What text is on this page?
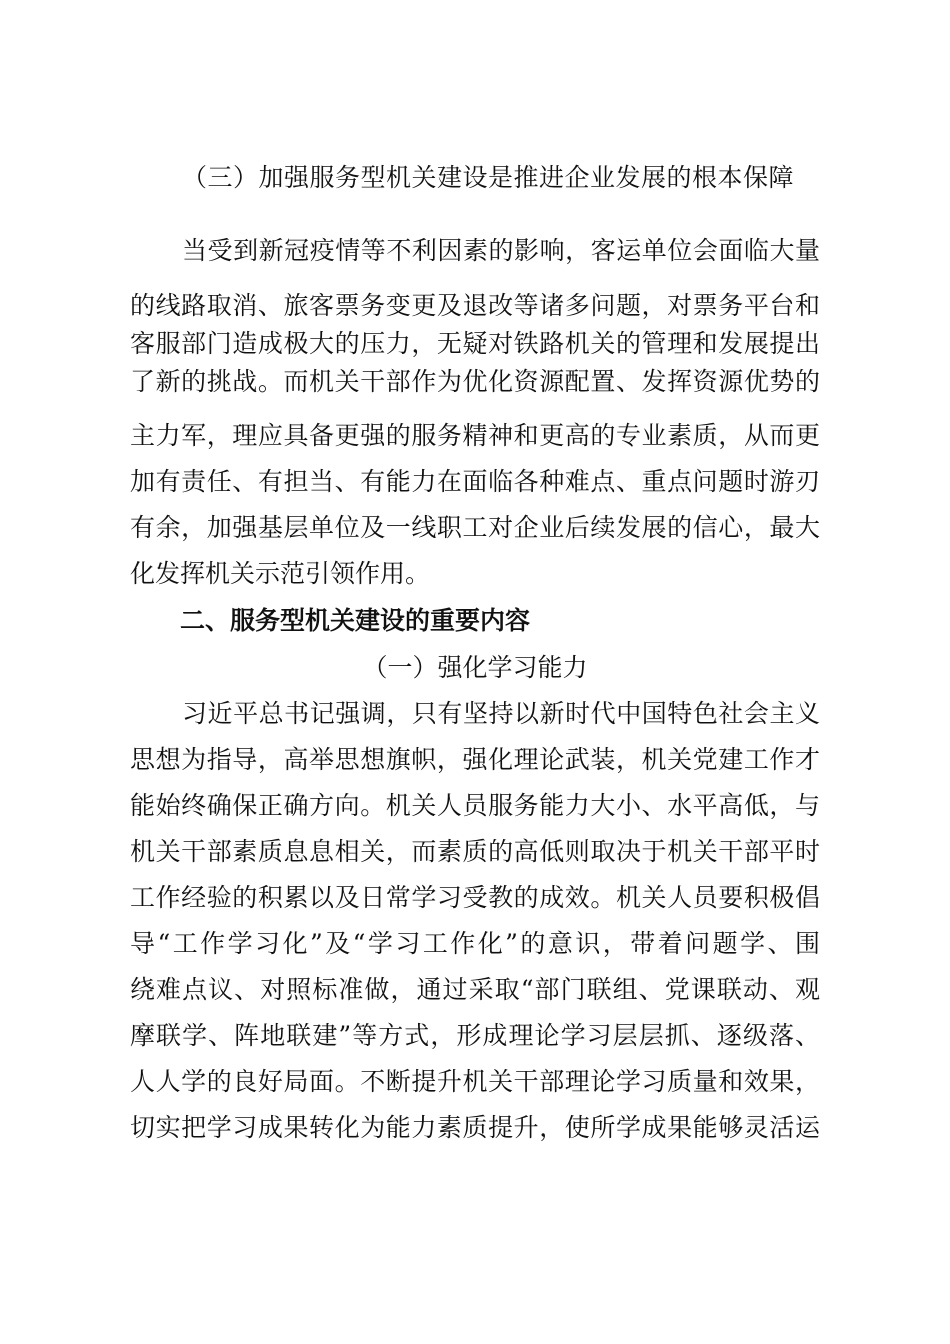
（三）加强服务型机关建设是推进企业发展的根本保障
当受到新冠疫情等不利因素的影响，客运单位会面临大量
的线路取消、旅客票务变更及退改等诸多问题，对票务平台和
客服部门造成极大的压力，无疑对铁路机关的管理和发展提出
了新的挑战。而机关干部作为优化资源配置、发挥资源优势的
主力军，理应具备更强的服务精神和更高的专业素质，从而更
加有责任、有担当、有能力在面临各种难点、重点问题时游刃
有余，加强基层单位及一线职工对企业后续发展的信心，最大
化发挥机关示范引领作用。
二、服务型机关建设的重要内容
（一）强化学习能力
习近平总书记强调，只有坚持以新时代中国特色社会主义
思想为指导，高举思想旗帜，强化理论武装，机关党建工作才
能始终确保正确方向。机关人员服务能力大小、水平高低，与
机关干部素质息息相关，而素质的高低则取决于机关干部平时
工作经验的积累以及日常学习受教的成效。机关人员要积极倡
导“工作学习化”及“学习工作化”的意识，带着问题学、围
绕难点议、对照标准做，通过采取“部门联组、党课联动、观
摩联学、阵地联建”等方式，形成理论学习层层抓、逐级落、
人人学的良好局面。不断提升机关干部理论学习质量和效果，
切实把学习成果转化为能力素质提升，使所学成果能够灵活运
